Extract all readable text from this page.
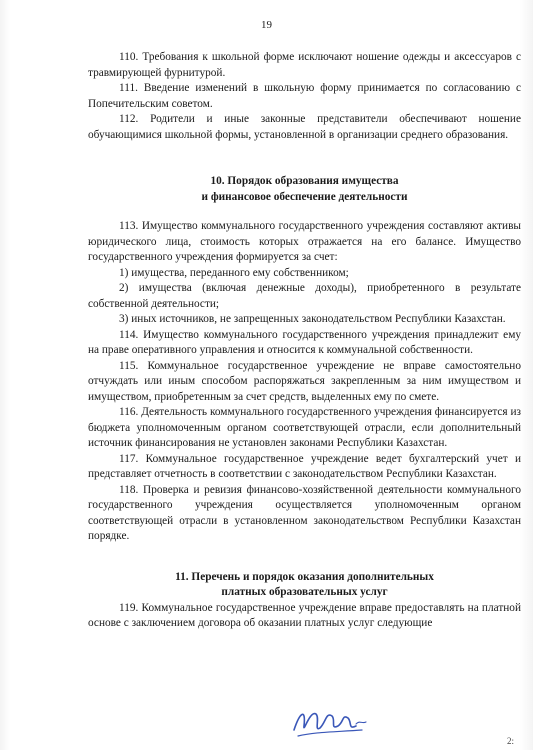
19

110. Требования к школьной форме исключают ношение одежды и аксессуаров с травмирующей фурнитурой.

111. Введение изменений в школьную форму принимается по согласованию с Попечительским советом.

112. Родители и иные законные представители обеспечивают ношение обучающимися школьной формы, установленной в организации среднего образования.

10. Порядок образования имущества
и финансовое обеспечение деятельности

113. Имущество коммунального государственного учреждения составляют активы юридического лица, стоимость которых отражается на его балансе. Имущество государственного учреждения формируется за счет:

1) имущества, переданного ему собственником;

2) имущества (включая денежные доходы), приобретенного в результате собственной деятельности;

3) иных источников, не запрещенных законодательством Республики Казахстан.

114. Имущество коммунального государственного учреждения принадлежит ему на праве оперативного управления и относится к коммунальной собственности.

115. Коммунальное государственное учреждение не вправе самостоятельно отчуждать или иным способом распоряжаться закрепленным за ним имуществом и имуществом, приобретенным за счет средств, выделенных ему по смете.

116. Деятельность коммунального государственного учреждения финансируется из бюджета уполномоченным органом соответствующей отрасли, если дополнительный источник финансирования не установлен законами Республики Казахстан.

117. Коммунальное государственное учреждение ведет бухгалтерский учет и представляет отчетность в соответствии с законодательством Республики Казахстан.

118. Проверка и ревизия финансово-хозяйственной деятельности коммунального государственного учреждения осуществляется уполномоченным органом соответствующей отрасли в установленном законодательством Республики Казахстан порядке.

11. Перечень и порядок оказания дополнительных
платных образовательных услуг

119. Коммунальное государственное учреждение вправе предоставлять на платной основе с заключением договора об оказании платных услуг следующие

2:
